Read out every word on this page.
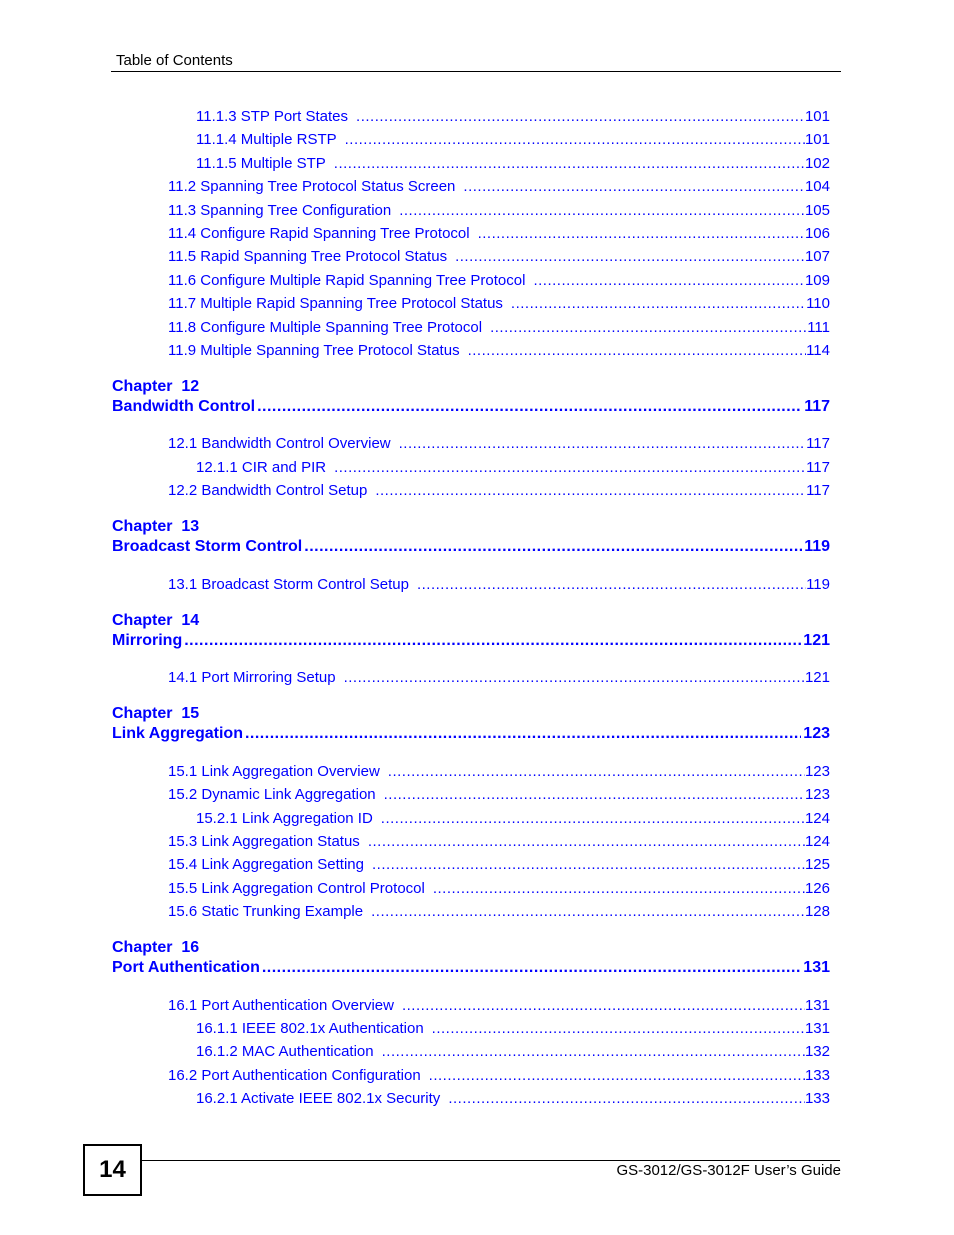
Table of Contents
11.1.3 STP Port States .....	101
11.1.4 Multiple RSTP .....	101
11.1.5 Multiple STP .....	102
11.2 Spanning Tree Protocol Status Screen .....	104
11.3 Spanning Tree Configuration .....	105
11.4 Configure Rapid Spanning Tree Protocol .....	106
11.5 Rapid Spanning Tree Protocol Status .....	107
11.6 Configure Multiple Rapid Spanning Tree Protocol .....	109
11.7 Multiple Rapid Spanning Tree Protocol Status .....	110
11.8 Configure Multiple Spanning Tree Protocol .....	111
11.9 Multiple Spanning Tree Protocol Status .....	114
Chapter  12
Bandwidth Control .....	117
12.1 Bandwidth Control Overview .....	117
12.1.1 CIR and PIR .....	117
12.2 Bandwidth Control Setup .....	117
Chapter  13
Broadcast Storm Control .....	119
13.1 Broadcast Storm Control Setup .....	119
Chapter  14
Mirroring .....	121
14.1 Port Mirroring Setup .....	121
Chapter  15
Link Aggregation .....	123
15.1 Link Aggregation Overview .....	123
15.2 Dynamic Link Aggregation .....	123
15.2.1 Link Aggregation ID .....	124
15.3 Link Aggregation Status .....	124
15.4 Link Aggregation Setting .....	125
15.5 Link Aggregation Control Protocol .....	126
15.6 Static Trunking Example .....	128
Chapter  16
Port Authentication .....	131
16.1 Port Authentication Overview .....	131
16.1.1 IEEE 802.1x Authentication .....	131
16.1.2 MAC Authentication .....	132
16.2 Port Authentication Configuration .....	133
16.2.1 Activate IEEE 802.1x Security .....	133
14	GS-3012/GS-3012F User’s Guide
